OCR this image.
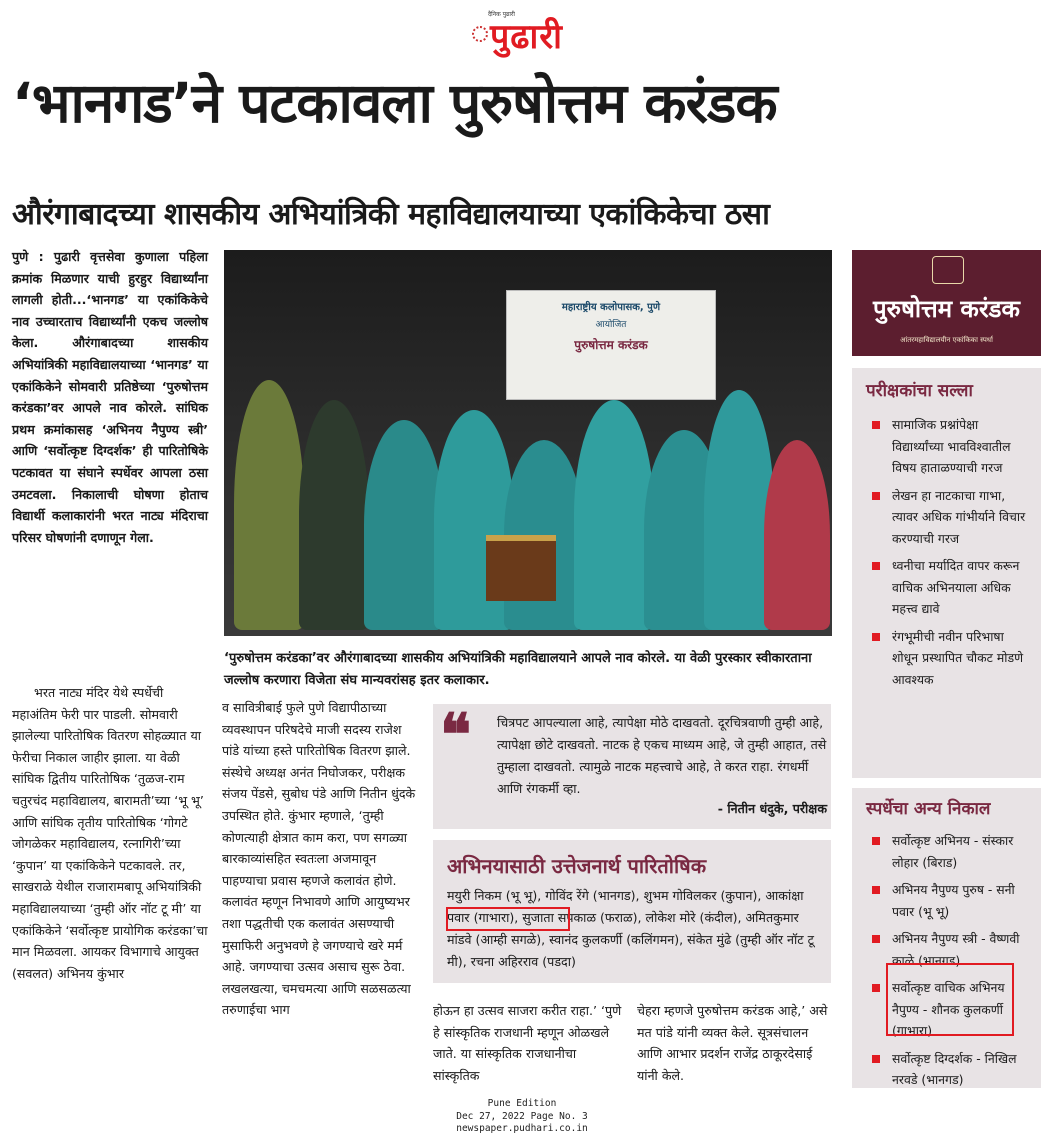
दैनिक पुढारी
पुढारी
‘भानगड’ने पटकावला पुरुषोत्तम करंडक
औरंगाबादच्या शासकीय अभियांत्रिकी महाविद्यालयाच्या एकांकिकेचा ठसा
पुणे : पुढारी वृत्तसेवा कुणाला पहिला क्रमांक मिळणार याची हुरहुर विद्यार्थ्यांना लागली होती...‘भानगड’ या एकांकिकेचे नाव उच्चारताच विद्यार्थ्यांनी एकच जल्लोष केला. औरंगाबादच्या शासकीय अभियांत्रिकी महाविद्यालयाच्या ‘भानगड’ या एकांकिकेने सोमवारी प्रतिष्ठेच्या ‘पुरुषोत्तम करंडका’वर आपले नाव कोरले. सांघिक प्रथम क्रमांकासह ‘अभिनय नैपुण्य स्त्री’ आणि ‘सर्वोत्कृष्ट दिग्दर्शक’ ही पारितोषिके पटकावत या संघाने स्पर्धेवर आपला ठसा उमटवला. निकालाची घोषणा होताच विद्यार्थी कलाकारांनी भरत नाट्य मंदिराचा परिसर घोषणांनी दणाणून गेला.
भरत नाट्य मंदिर येथे स्पर्धेची महाअंतिम फेरी पार पाडली. सोमवारी झालेल्या पारितोषिक वितरण सोहळ्यात या फेरीचा निकाल जाहीर झाला. या वेळी सांघिक द्वितीय पारितोषिक ‘तुळज-राम चतुरचंद महाविद्यालय, बारामती’च्या ‘भू भू’ आणि सांघिक तृतीय पारितोषिक ‘गोगटे जोगळेकर महाविद्यालय, रत्नागिरी’च्या ‘कुपान’ या एकांकिकेने पटकावले. तर, साखराळे येथील राजारामबापू अभियांत्रिकी महाविद्यालयाच्या ‘तुम्ही ऑर नॉट टू मी’ या एकांकिकेने ‘सर्वोत्कृष्ट प्रायोगिक करंडका’चा मान मिळवला. आयकर विभागाचे आयुक्त (सवलत) अभिनय कुंभार
व सावित्रीबाई फुले पुणे विद्यापीठाच्या व्यवस्थापन परिषदेचे माजी सदस्य राजेश पांडे यांच्या हस्ते पारितोषिक वितरण झाले. संस्थेचे अध्यक्ष अनंत निघोजकर, परीक्षक संजय पेंडसे, सुबोध पंडे आणि नितीन धुंदके उपस्थित होते. कुंभार म्हणाले, ‘तुम्ही कोणत्याही क्षेत्रात काम करा, पण सगळ्या बारकाव्यांसहित स्वतःला अजमावून पाहण्याचा प्रवास म्हणजे कलावंत होणे. कलावंत म्हणून निभावणे आणि आयुष्यभर तशा पद्धतीची एक कलावंत असण्याची मुसाफिरी अनुभवणे हे जगण्याचे खरे मर्म आहे. जगण्याचा उत्सव असाच सुरू ठेवा. लखलखत्या, चमचमत्या आणि सळसळत्या तरुणाईचा भाग
महाराष्ट्रीय कलोपासक, पुणे
आयोजित
पुरुषोत्तम करंडक
‘पुरुषोत्तम करंडका’वर औरंगाबादच्या शासकीय अभियांत्रिकी महाविद्यालयाने आपले नाव कोरले. या वेळी पुरस्कार स्वीकारताना जल्लोष करणारा विजेता संघ मान्यवरांसह इतर कलाकार.
❝ चित्रपट आपल्याला आहे, त्यापेक्षा मोठे दाखवतो. दूरचित्रवाणी तुम्ही आहे, त्यापेक्षा छोटे दाखवतो. नाटक हे एकच माध्यम आहे, जे तुम्ही आहात, तसे तुम्हाला दाखवतो. त्यामुळे नाटक महत्त्वाचे आहे, ते करत राहा. रंगधर्मी आणि रंगकर्मी व्हा.
- नितीन धंदुके, परीक्षक
अभिनयासाठी उत्तेजनार्थ पारितोषिक
मयुरी निकम (भू भू), गोविंद रेंगे (भानगड), शुभम गोविलकर (कुपान), आकांक्षा पवार (गाभारा), सुजाता सपकाळ (फराळ), लोकेश मोरे (कंदील), अमितकुमार मांडवे (आम्ही सगळे), स्वानंद कुलकर्णी (कलिंगमन), संकेत मुंढे (तुम्ही ऑर नॉट टू मी), रचना अहिरराव (पडदा)
होऊन हा उत्सव साजरा करीत राहा.’ ‘पुणे हे सांस्कृतिक राजधानी म्हणून ओळखले जाते. या सांस्कृतिक राजधानीचा सांस्कृतिक
चेहरा म्हणजे पुरुषोत्तम करंडक आहे,’ असे मत पांडे यांनी व्यक्त केले. सूत्रसंचालन आणि आभार प्रदर्शन राजेंद्र ठाकूरदेसाई यांनी केले.
पुरुषोत्तम करंडक
आंतरमहाविद्यालयीन एकांकिका स्पर्धा
परीक्षकांचा सल्ला
सामाजिक प्रश्नांपेक्षा विद्यार्थ्यांच्या भावविश्वातील विषय हाताळण्याची गरज
लेखन हा नाटकाचा गाभा, त्यावर अधिक गांभीर्याने विचार करण्याची गरज
ध्वनीचा मर्यादित वापर करून वाचिक अभिनयाला अधिक महत्त्व द्यावे
रंगभूमीची नवीन परिभाषा शोधून प्रस्थापित चौकट मोडणे आवश्यक
स्पर्धेचा अन्य निकाल
सर्वोत्कृष्ट अभिनय - संस्कार लोहार (बिराड)
अभिनय नैपुण्य पुरुष - सनी पवार (भू भू)
अभिनय नैपुण्य स्त्री - वैष्णवी काळे (भानगड)
सर्वोत्कृष्ट वाचिक अभिनय नैपुण्य - शौनक कुलकर्णी (गाभारा)
सर्वोत्कृष्ट दिग्दर्शक - निखिल नरवडे (भानगड)
Pune Edition
Dec 27, 2022 Page No. 3
newspaper.pudhari.co.in
